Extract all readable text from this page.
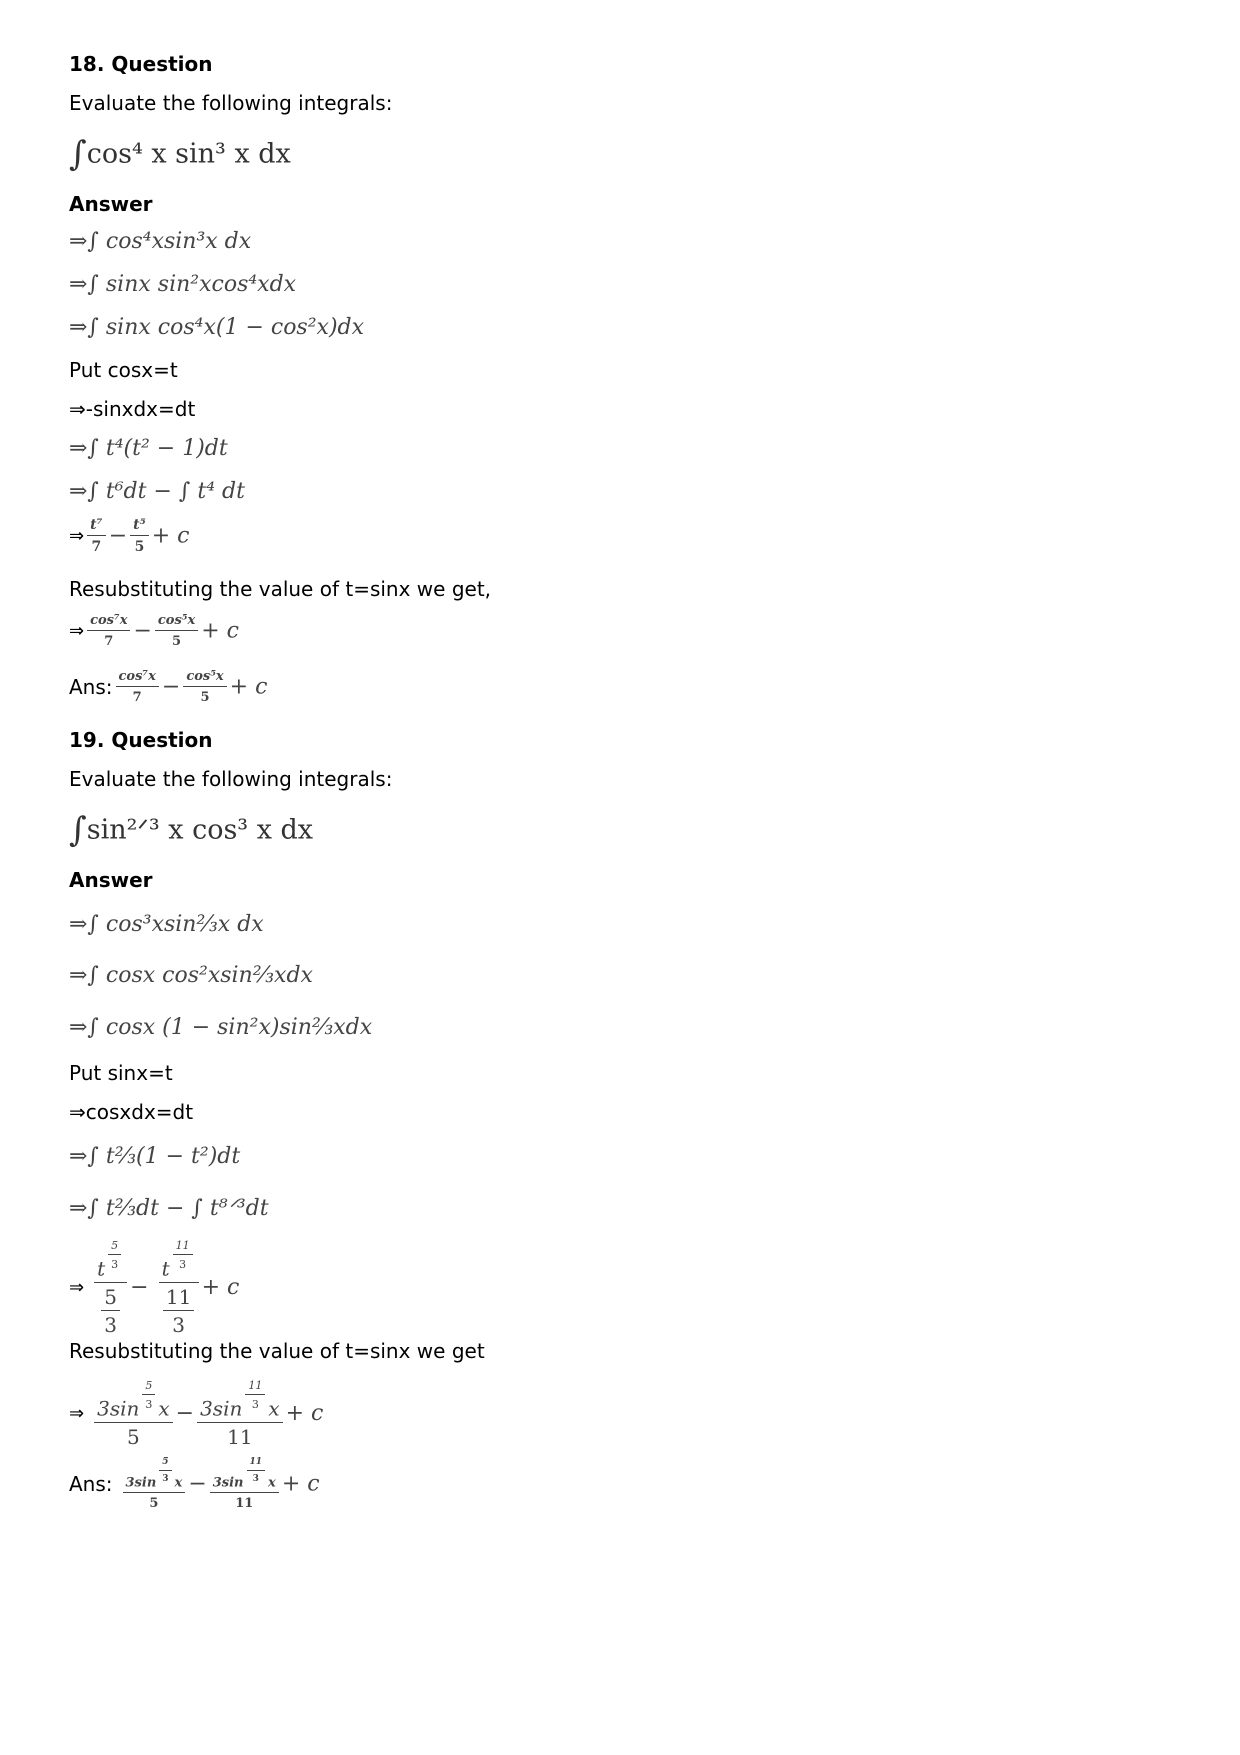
18. Question
Evaluate the following integrals:
∫cos⁴ x sin³ x dx
Answer
⇒∫ cos⁴xsin³x dx
⇒∫ sinx sin²xcos⁴xdx
⇒∫ sinx cos⁴x(1 − cos²x)dx
Put cosx=t
⇒-sinxdx=dt
⇒∫ t⁴(t² − 1)dt
⇒∫ t⁶dt − ∫ t⁴ dt
⇒ $\frac{\text{t⁷}}{7} - \frac{\text{t⁵}}{5} + c$
Resubstituting the value of t=sinx we get,
⇒ $\frac{\text{cos⁷x}}{7} - \frac{\text{cos⁵x}}{5} + c$
Ans: $\frac{\text{cos⁷x}}{7} - \frac{\text{cos⁵x}}{5} + c$
19. Question
Evaluate the following integrals:
∫sin²ᐟ³ x cos³ x dx
Answer
⇒∫ cos³xsin⅔x dx
⇒∫ cosx cos²xsin⅔xdx
⇒∫ cosx (1 − sin²x)sin⅔xdx
Put sinx=t
⇒cosxdx=dt
⇒∫ t⅔(1 − t²)dt
⇒∫ t⅔dt − ∫ t⁸ᐟ³dt
⇒ t $^{\frac{5}{3}}$
$\frac{5}{3} - t$ $^{\frac{11}{3}}$
$\frac{11}{3} + c$
Resubstituting the value of t=sinx we get
⇒ 3sin $^{\frac{5}{3}}$ x
5 − 3sin $^{\frac{11}{3}}$ x
11 + c
Ans: 3sin $^{\frac{5}{3}}$ x
5 − 3sin $^{\frac{11}{3}}$ x
11 + c
